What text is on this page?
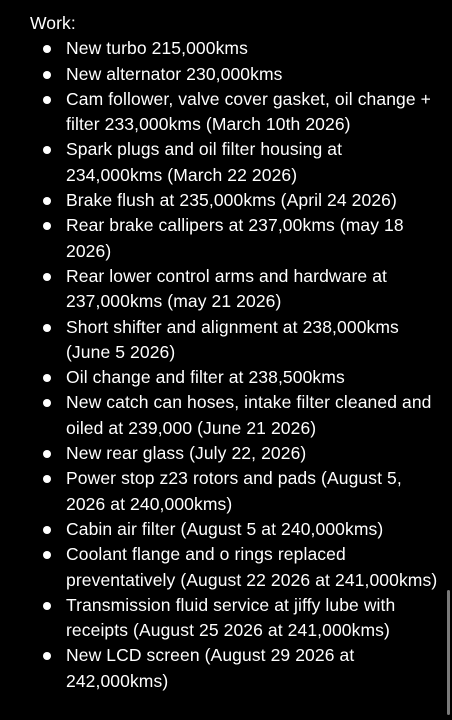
Work:

New turbo 215,000kms
New alternator 230,000kms
Cam follower, valve cover gasket, oil change + filter 233,000kms (March 10th 2026)
Spark plugs and oil filter housing at 234,000kms (March 22 2026)
Brake flush at 235,000kms (April 24 2026)
Rear brake callipers at 237,00kms (may 18 2026)
Rear lower control arms and hardware at 237,000kms (may 21 2026)
Short shifter and alignment at 238,000kms (June 5 2026)
Oil change and filter at 238,500kms
New catch can hoses, intake filter cleaned and oiled at 239,000 (June 21 2026)
New rear glass (July 22, 2026)
Power stop z23 rotors and pads (August 5, 2026 at 240,000kms)
Cabin air filter (August 5 at 240,000kms)
Coolant flange and o rings replaced preventatively (August 22 2026 at 241,000kms)
Transmission fluid service at jiffy lube with receipts (August 25 2026 at 241,000kms)
New LCD screen (August 29 2026 at 242,000kms)
